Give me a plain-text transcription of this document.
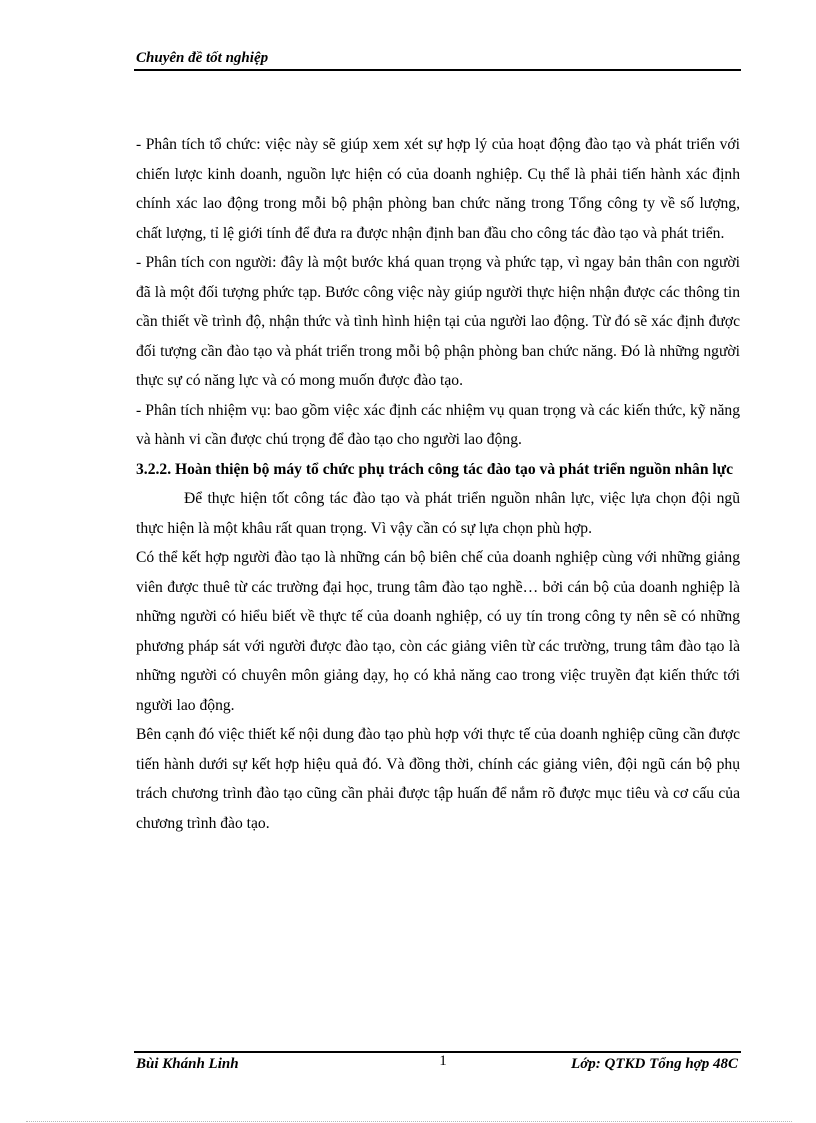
Chuyên đề tốt nghiệp

- Phân tích tổ chức: việc này sẽ giúp xem xét sự hợp lý của hoạt động đào tạo và phát triển với chiến lược kinh doanh, nguồn lực hiện có của doanh nghiệp. Cụ thể là phải tiến hành xác định chính xác lao động trong mỗi bộ phận phòng ban chức năng trong Tổng công ty về số lượng, chất lượng, tỉ lệ giới tính để đưa ra được nhận định ban đầu cho công tác đào tạo và phát triển.

- Phân tích con người: đây là một bước khá quan trọng và phức tạp, vì ngay bản thân con người đã là một đối tượng phức tạp. Bước công việc này giúp người thực hiện nhận được các thông tin cần thiết về trình độ, nhận thức và tình hình hiện tại của người lao động. Từ đó sẽ xác định được đối tượng cần đào tạo và phát triển trong mỗi bộ phận phòng ban chức năng. Đó là những người thực sự có năng lực và có mong muốn được đào tạo.

- Phân tích nhiệm vụ: bao gồm việc xác định các nhiệm vụ quan trọng và các kiến thức, kỹ năng và hành vi cần được chú trọng để đào tạo cho người lao động.

3.2.2. Hoàn thiện bộ máy tổ chức phụ trách công tác đào tạo và phát triển nguồn nhân lực

Để thực hiện tốt công tác đào tạo và phát triển nguồn nhân lực, việc lựa chọn đội ngũ thực hiện là một khâu rất quan trọng. Vì vậy cần có sự lựa chọn phù hợp.

Có thể kết hợp người đào tạo là những cán bộ biên chế của doanh nghiệp cùng với những giảng viên được thuê từ các trường đại học, trung tâm đào tạo nghề… bởi cán bộ của doanh nghiệp là những người có hiểu biết về thực tế của doanh nghiệp, có uy tín trong công ty nên sẽ có những phương pháp sát với người được đào tạo, còn các giảng viên từ các trường, trung tâm đào tạo là những người có chuyên môn giảng dạy, họ có khả năng cao trong việc truyền đạt kiến thức tới người lao động.

Bên cạnh đó việc thiết kế nội dung đào tạo phù hợp với thực tế của doanh nghiệp cũng cần được tiến hành dưới sự kết hợp hiệu quả đó. Và đồng thời, chính các giảng viên, đội ngũ cán bộ phụ trách chương trình đào tạo cũng cần phải được tập huấn để nắm rõ được mục tiêu và cơ cấu của chương trình đào tạo.

Bùi Khánh Linh	1	Lớp: QTKD Tổng hợp 48C
